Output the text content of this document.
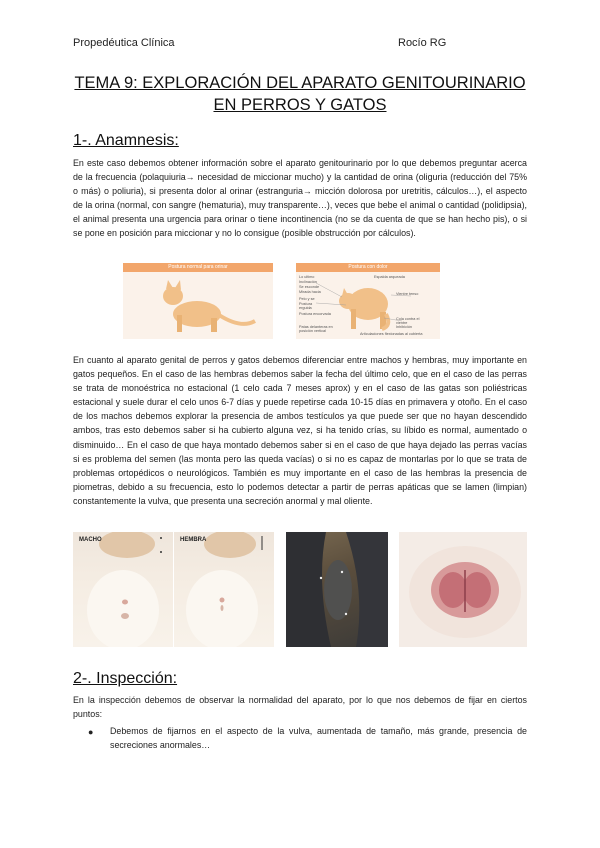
Propedéutica Clínica	Rocío RG
TEMA 9: EXPLORACIÓN DEL APARATO GENITOURINARIO
EN PERROS Y GATOS
1-. Anamnesis:

En este caso debemos obtener información sobre el aparato genitourinario por lo que debemos preguntar acerca de la frecuencia (polaquiuria→ necesidad de miccionar mucho) y la cantidad de orina (oliguria (reducción del 75% o más) o poliuria), si presenta dolor al orinar (estranguria→ micción dolorosa por uretritis, cálculos…), el aspecto de la orina (normal, con sangre (hematuria), muy transparente…), veces que bebe el animal o cantidad (polidipsia), el animal presenta una urgencia para orinar o tiene incontinencia (no se da cuenta de que se han hecho pis), o si se pone en posición para miccionar y no lo consigue (posible obstrucción por cálculos).

Postura normal para orinar	Postura con dolor
Lo ultimo
Inclinación
Se esconde
Mirada hacia
Pelo y se
Postura
erguida
Postura encorvada
Patas delanteras en
posición vertical
Espalda arqueada
Vientre tenso
Cola contra el
vientre
Inhibición
Articulaciones flexionadas al cubierta

En cuanto al aparato genital de perros y gatos debemos diferenciar entre machos y hembras, muy importante en gatos pequeños. En el caso de las hembras debemos saber la fecha del último celo, que en el caso de las perras se trata de monoéstrica no estacional (1 celo cada 7 meses aprox) y en el caso de las gatas son poliéstricas estacional y suele durar el celo unos 6-7 días y puede repetirse cada 10-15 días en primavera y otoño. En el caso de los machos debemos explorar la presencia de ambos testículos ya que puede ser que no hayan descendido ambos, tras esto debemos saber si ha cubierto alguna vez, si ha tenido crías, su líbido es normal, aumentado o disminuido… En el caso de que haya montado debemos saber si en el caso de que haya dejado las perras vacías si es problema del semen (las monta pero las queda vacías) o si no es capaz de montarlas por lo que se trata de problemas ortopédicos o neurológicos. También es muy importante en el caso de las hembras la presencia de piometras, debido a su frecuencia, esto lo podemos detectar a partir de perras apáticas que se lamen (limpian) constantemente la vulva, que presenta una secreción anormal y mal oliente.

MACHO	HEMBRA
2-. Inspección:

En la inspección debemos de observar la normalidad del aparato, por lo que nos debemos de fijar en ciertos puntos:

● Debemos de fijarnos en el aspecto de la vulva, aumentada de tamaño, más grande, presencia de secreciones anormales…
